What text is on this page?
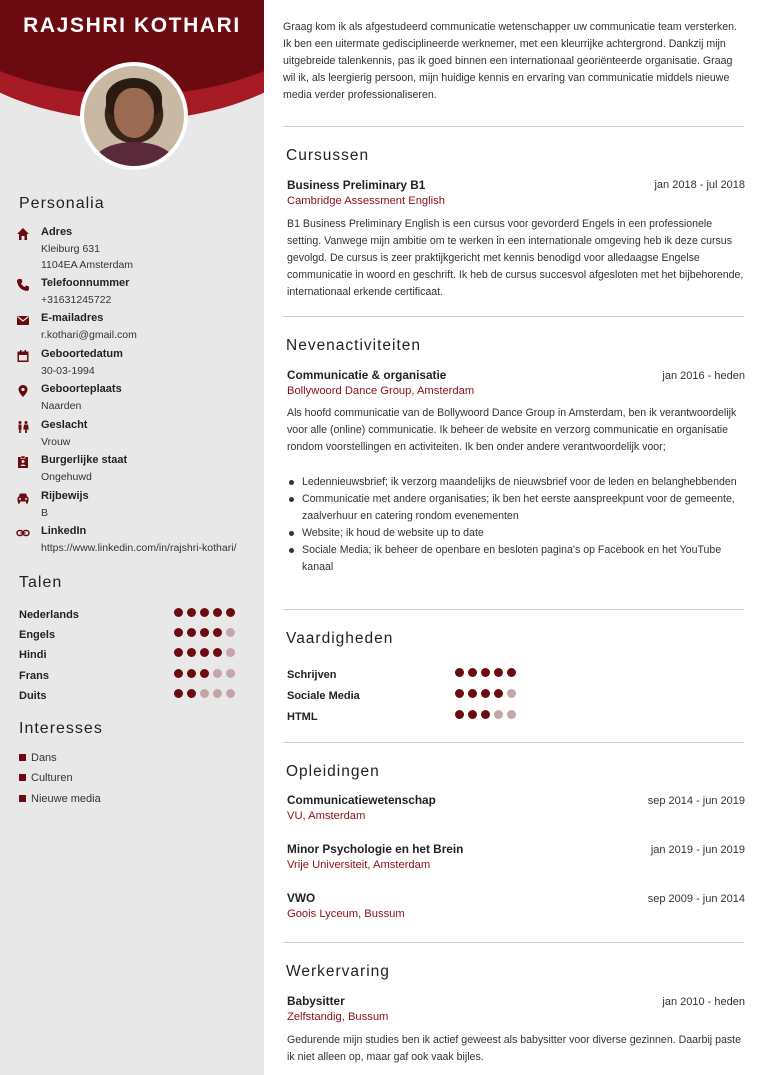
RAJSHRI KOTHARI
Personalia
Adres
Kleiburg 631
1104EA Amsterdam
Telefoonnummer
+31631245722
E-mailadres
r.kothari@gmail.com
Geboortedatum
30-03-1994
Geboorteplaats
Naarden
Geslacht
Vrouw
Burgerlijke staat
Ongehuwd
Rijbewijs
B
LinkedIn
https://www.linkedin.com/in/rajshri-kothari/
Talen
Nederlands
Engels
Hindi
Frans
Duits
Interesses
Dans
Culturen
Nieuwe media
Graag kom ik als afgestudeerd communicatie wetenschapper uw communicatie team versterken. Ik ben een uitermate gedisciplineerde werknemer, met een kleurrijke achtergrond. Dankzij mijn uitgebreide talenkennis, pas ik goed binnen een internationaal georiënteerde organisatie. Graag wil ik, als leergierig persoon, mijn huidige kennis en ervaring van communicatie middels nieuwe media verder professionaliseren.
Cursussen
Business Preliminary B1	jan 2018 - jul 2018
Cambridge Assessment English
B1 Business Preliminary English is een cursus voor gevorderd Engels in een professionele setting. Vanwege mijn ambitie om te werken in een internationale omgeving heb ik deze cursus gevolgd. De cursus is zeer praktijkgericht met kennis benodigd voor alledaagse Engelse communicatie in woord en geschrift. Ik heb de cursus succesvol afgesloten met het bijbehorende, internationaal erkende certificaat.
Nevenactiviteiten
Communicatie & organisatie	jan 2016 - heden
Bollywoord Dance Group, Amsterdam
Als hoofd communicatie van de Bollywoord Dance Group in Amsterdam, ben ik verantwoordelijk voor alle (online) communicatie. Ik beheer de website en verzorg communicatie en organisatie rondom voorstellingen en activiteiten. Ik ben onder andere verantwoordelijk voor;
Ledennieuwsbrief; ik verzorg maandelijks de nieuwsbrief voor de leden en belanghebbenden
Communicatie met andere organisaties; ik ben het eerste aanspreekpunt voor de gemeente, zaalverhuur en catering rondom evenementen
Website; ik houd de website up to date
Sociale Media; ik beheer de openbare en besloten pagina's op Facebook en het YouTube kanaal
Vaardigheden
Schrijven
Sociale Media
HTML
Opleidingen
Communicatiewetenschap	sep 2014 - jun 2019
VU, Amsterdam
Minor Psychologie en het Brein	jan 2019 - jun 2019
Vrije Universiteit, Amsterdam
VWO	sep 2009 - jun 2014
Goois Lyceum, Bussum
Werkervaring
Babysitter	jan 2010 - heden
Zelfstandig, Bussum
Gedurende mijn studies ben ik actief geweest als babysitter voor diverse gezinnen. Daarbij paste ik niet alleen op, maar gaf ook vaak bijles.
